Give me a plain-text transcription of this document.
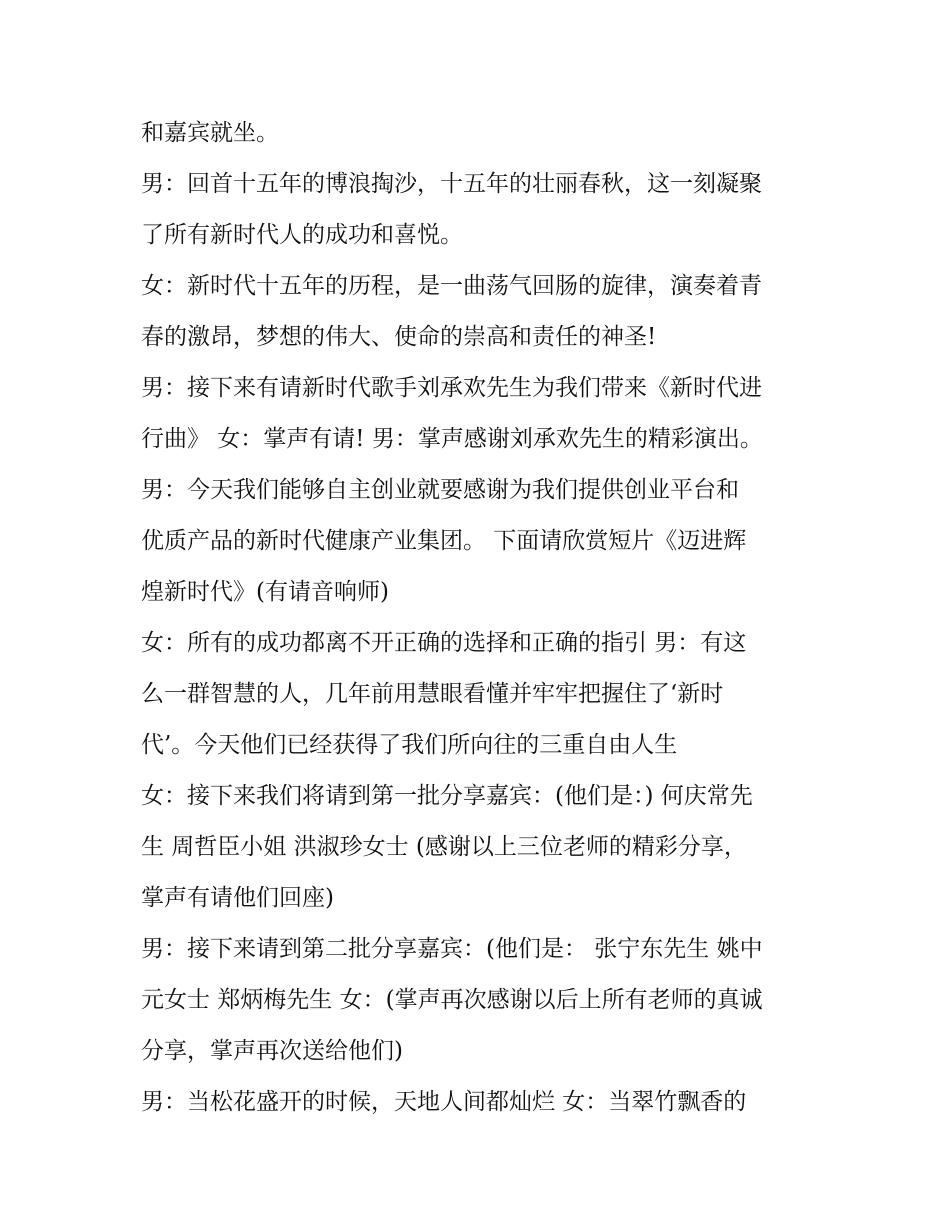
和嘉宾就坐。

男：回首十五年的博浪掏沙，十五年的壮丽春秋，这一刻凝聚

了所有新时代人的成功和喜悦。

女：新时代十五年的历程，是一曲荡气回肠的旋律，演奏着青

春的激昂，梦想的伟大、使命的崇高和责任的神圣!

男：接下来有请新时代歌手刘承欢先生为我们带来《新时代进

行曲》 女：掌声有请! 男：掌声感谢刘承欢先生的精彩演出。

男：今天我们能够自主创业就要感谢为我们提供创业平台和

优质产品的新时代健康产业集团。 下面请欣赏短片《迈进辉

煌新时代》(有请音响师)

女：所有的成功都离不开正确的选择和正确的指引 男：有这

么一群智慧的人，几年前用慧眼看懂并牢牢把握住了‘新时

代’。今天他们已经获得了我们所向往的三重自由人生

女：接下来我们将请到第一批分享嘉宾：(他们是：) 何庆常先

生 周哲臣小姐 洪淑珍女士 (感谢以上三位老师的精彩分享，

掌声有请他们回座)

男：接下来请到第二批分享嘉宾：(他们是： 张宁东先生 姚中

元女士 郑炳梅先生 女：(掌声再次感谢以后上所有老师的真诚

分享，掌声再次送给他们)

男：当松花盛开的时候，天地人间都灿烂 女：当翠竹飘香的
